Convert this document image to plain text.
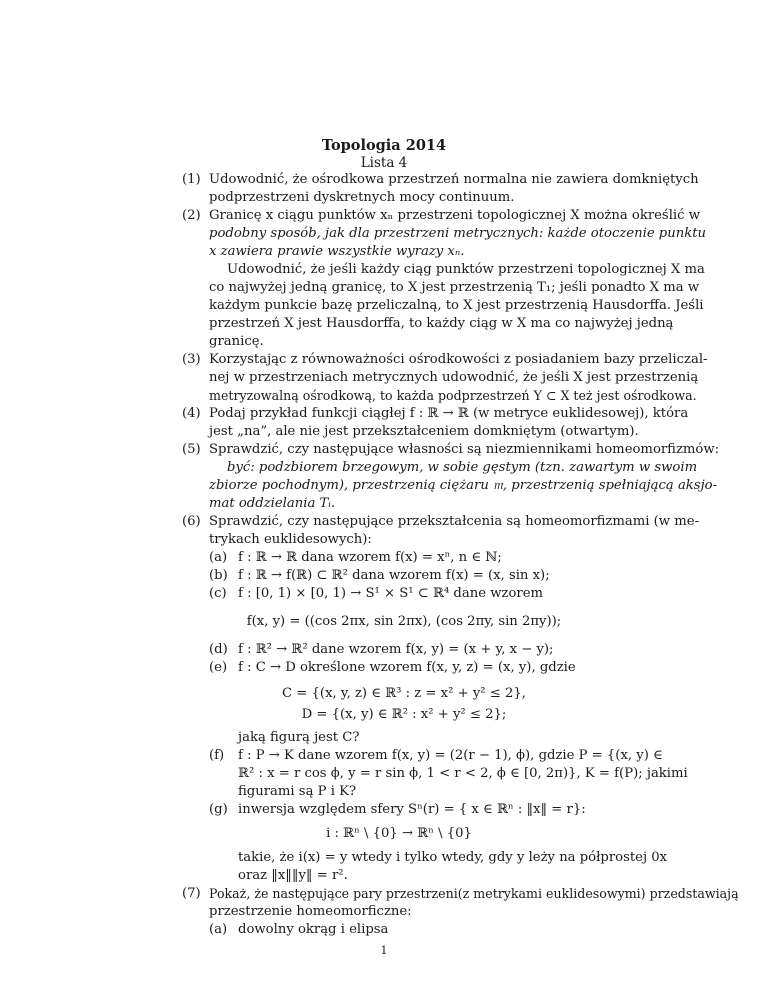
Topologia 2014
Lista 4
(1) Udowodnić, że ośrodkowa przestrzeń normalna nie zawiera domkniętych
podprzestrzeni dyskretnych mocy continuum.
(2) Granicę x ciągu punktów xₙ przestrzeni topologicznej X można określić w
podobny sposób, jak dla przestrzeni metrycznych: każde otoczenie punktu
x zawiera prawie wszystkie wyrazy xₙ.
Udowodnić, że jeśli każdy ciąg punktów przestrzeni topologicznej X ma
co najwyżej jedną granicę, to X jest przestrzenią T₁; jeśli ponadto X ma w
każdym punkcie bazę przeliczalną, to X jest przestrzenią Hausdorffa. Jeśli
przestrzeń X jest Hausdorffa, to każdy ciąg w X ma co najwyżej jedną
granicę.
(3) Korzystając z równoważności ośrodkowości z posiadaniem bazy przeliczal-
nej w przestrzeniach metrycznych udowodnić, że jeśli X jest przestrzenią
metryzowalną ośrodkową, to każda podprzestrzeń Y ⊂ X też jest ośrodkowa.
(4) Podaj przykład funkcji ciągłej f : ℝ → ℝ (w metryce euklidesowej), która
jest „na”, ale nie jest przekształceniem domkniętym (otwartym).
(5) Sprawdzić, czy następujące własności są niezmiennikami homeomorfizmów:
być: podzbiorem brzegowym, w sobie gęstym (tzn. zawartym w swoim
zbiorze pochodnym), przestrzenią ciężaru 𝔪, przestrzenią spełniającą aksjo-
mat oddzielania Tᵢ.
(6) Sprawdzić, czy następujące przekształcenia są homeomorfizmami (w me-
trykach euklidesowych):
(a) f : ℝ → ℝ dana wzorem f(x) = xⁿ, n ∈ ℕ;
(b) f : ℝ → f(ℝ) ⊂ ℝ² dana wzorem f(x) = (x, sin x);
(c) f : [0, 1) × [0, 1) → S¹ × S¹ ⊂ ℝ⁴ dane wzorem
f(x, y) = ((cos 2πx, sin 2πx), (cos 2πy, sin 2πy));
(d) f : ℝ² → ℝ² dane wzorem f(x, y) = (x + y, x − y);
(e) f : C → D określone wzorem f(x, y, z) = (x, y), gdzie
C = {(x, y, z) ∈ ℝ³ : z = x² + y² ≤ 2},
D = {(x, y) ∈ ℝ² : x² + y² ≤ 2};
jaką figurą jest C?
(f) f : P → K dane wzorem f(x, y) = (2(r − 1), ϕ), gdzie P = {(x, y) ∈
ℝ² : x = r cos ϕ, y = r sin ϕ, 1 < r < 2, ϕ ∈ [0, 2π)}, K = f(P); jakimi
figurami są P i K?
(g) inwersja względem sfery Sⁿ(r) = { x ∈ ℝⁿ : ‖x‖ = r}:
i : ℝⁿ \ {0} → ℝⁿ \ {0}
takie, że i(x) = y wtedy i tylko wtedy, gdy y leży na półprostej 0x
oraz ‖x‖‖y‖ = r².
(7) Pokaż, że następujące pary przestrzeni(z metrykami euklidesowymi) przedstawiają
przestrzenie homeomorficzne:
(a) dowolny okrąg i elipsa
1
